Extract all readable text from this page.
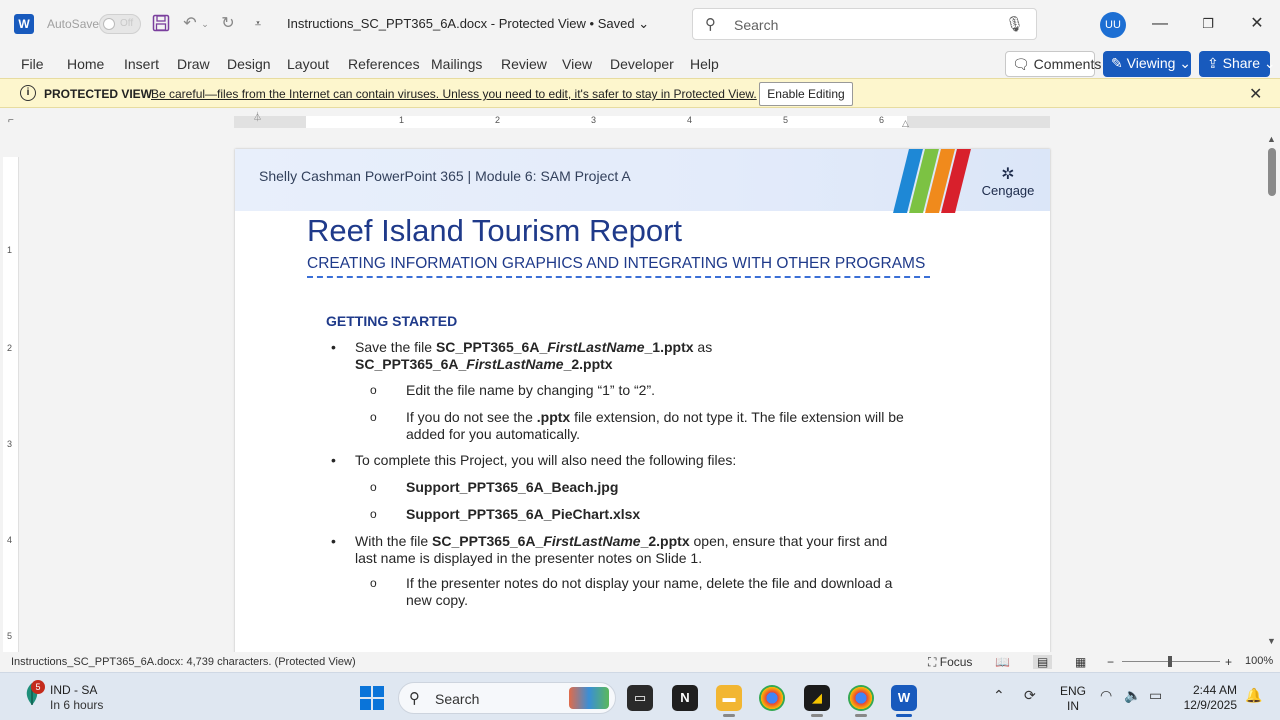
W	AutoSave Off	↶ ⌄ ↻	⩡	Instructions_SC_PPT365_6A.docx - Protected View • Saved ⌄	⚲ Search	🎙	UU	—	❐	✕
File Home Insert Draw Design Layout References Mailings Review View Developer Help	🗨 Comments ✎ Viewing ⌄	⇪ Share ⌄
i	PROTECTED VIEW
Be careful—files from the Internet can contain viruses. Unless you need to edit, it's safer to stay in Protected View. Enable Editing	✕
⌐	⏃
△
1	2	3	4	5	6
1
2
3
4
5
Shelly Cashman PowerPoint 365 | Module 6: SAM Project A	✲
Cengage
Reef Island Tourism Report
CREATING INFORMATION GRAPHICS AND INTEGRATING WITH OTHER PROGRAMS
GETTING STARTED
• Save the file SC_PPT365_6A_FirstLastName_1.pptx as
SC_PPT365_6A_FirstLastName_2.pptx
o Edit the file name by changing “1” to “2”.
o If you do not see the .pptx file extension, do not type it. The file extension will be
added for you automatically.
• To complete this Project, you will also need the following files:
o Support_PPT365_6A_Beach.jpg
o Support_PPT365_6A_PieChart.xlsx
• With the file SC_PPT365_6A_FirstLastName_2.pptx open, ensure that your first and
last name is displayed in the presenter notes on Slide 1.
o If the presenter notes do not display your name, delete the file and download a
new copy.
▲
▼
Instructions_SC_PPT365_6A.docx: 4,739 characters. (Protected View)	⛶ Focus 📖	▤	▦ −	+ 100%
5 IND - SA
In 6 hours	⚲ Search	▭	N	▬	◢	W	⌃ ⟳ ENG
IN
◠ 🔈 ▭	2:44 AM
12/9/2025
🔔
